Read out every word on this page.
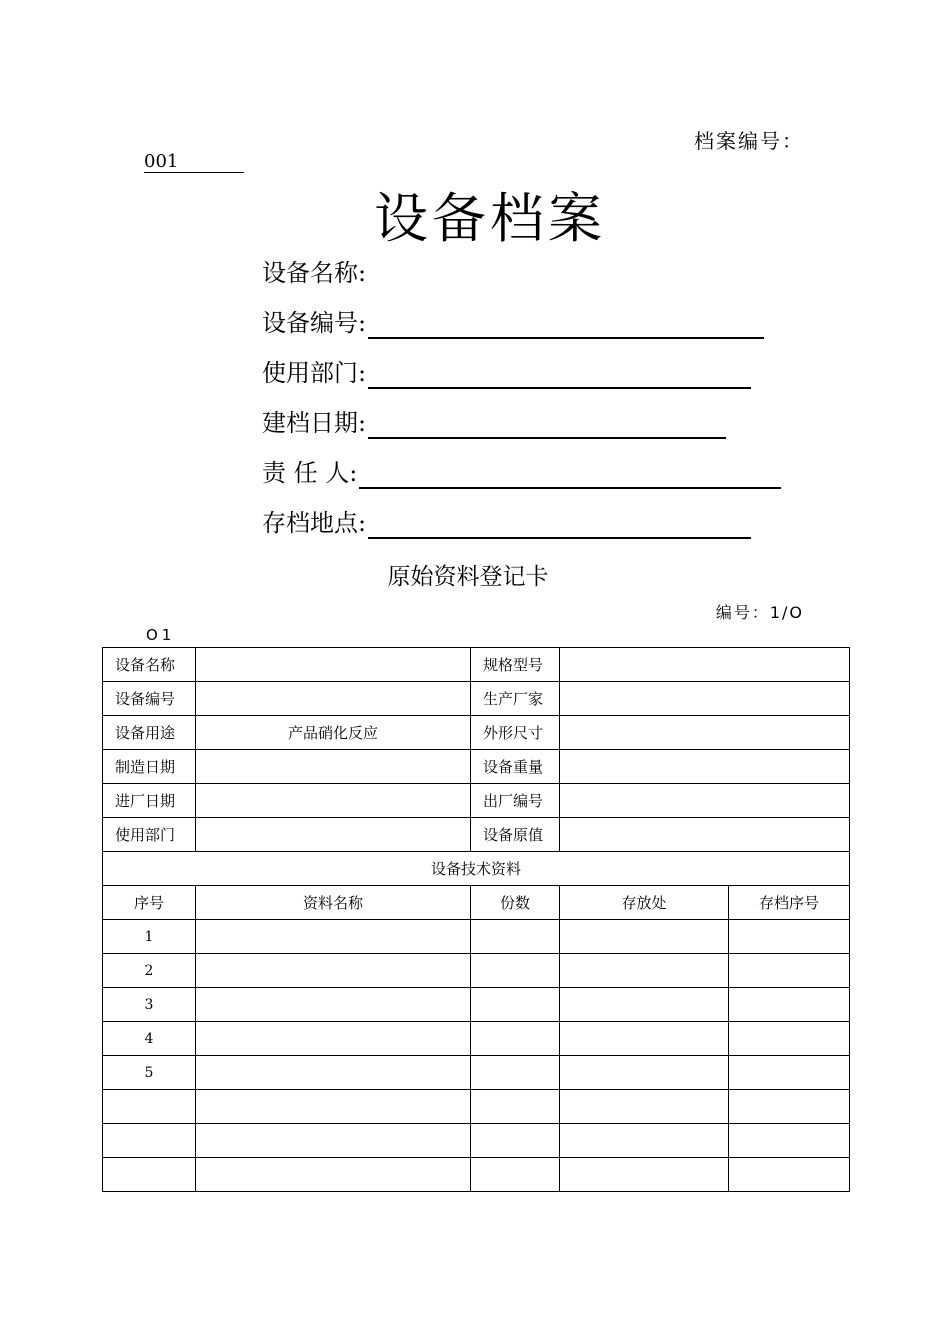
档案编号：
001
设备档案
设备名称:
设备编号:
使用部门:
建档日期:
责 任 人:
存档地点:
原始资料登记卡
编号：1/O
O1
设备名称		规格型号		
设备编号		生产厂家		
设备用途	产品硝化反应	外形尺寸		
制造日期		设备重量		
进厂日期		出厂编号		
使用部门		设备原值		
设备技术资料				
序号	资料名称	份数	存放处	存档序号
1				
2				
3				
4				
5				
